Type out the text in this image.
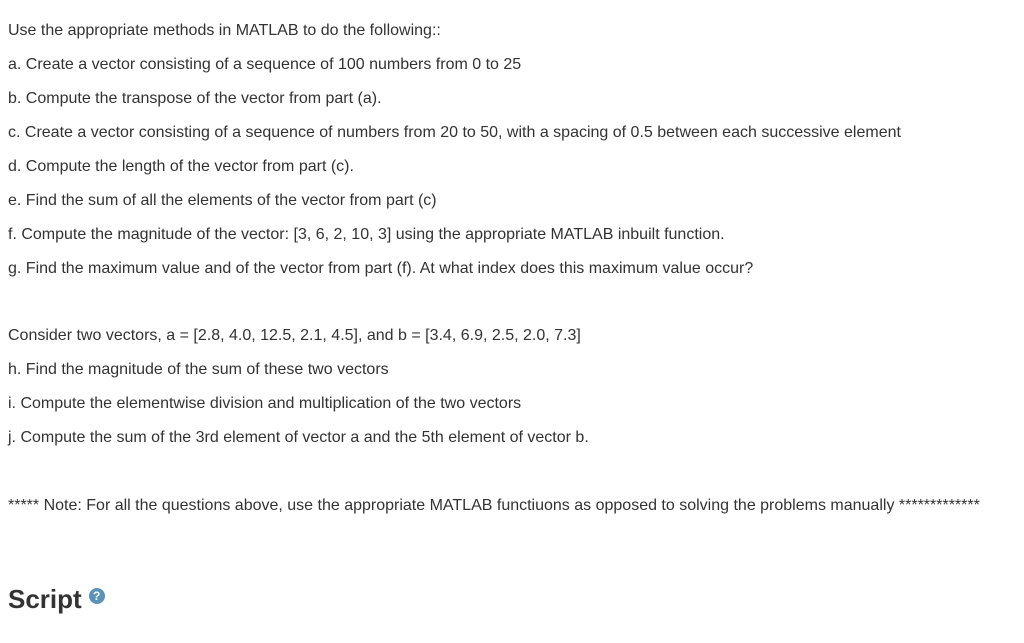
Use the appropriate methods in MATLAB to do the following::
a. Create a vector consisting of a sequence of 100 numbers from 0 to 25
b. Compute the transpose of the vector from part (a).
c. Create a vector consisting of a sequence of numbers from 20 to 50, with a spacing of 0.5 between each successive element
d. Compute the length of the vector from part (c).
e. Find the sum of all the elements of the vector from part (c)
f. Compute the magnitude of the vector: [3, 6, 2, 10, 3] using the appropriate MATLAB inbuilt function.
g. Find the maximum value and of the vector from part (f). At what index does this maximum value occur?
Consider two vectors, a = [2.8, 4.0, 12.5, 2.1, 4.5], and b = [3.4, 6.9, 2.5, 2.0, 7.3]
h. Find the magnitude of the sum of these two vectors
i. Compute the elementwise division and multiplication of the two vectors
j. Compute the sum of the 3rd element of vector a and the 5th element of vector b.
***** Note: For all the questions above, use the appropriate MATLAB functiuons as opposed to solving the problems manually *************
Script ?
